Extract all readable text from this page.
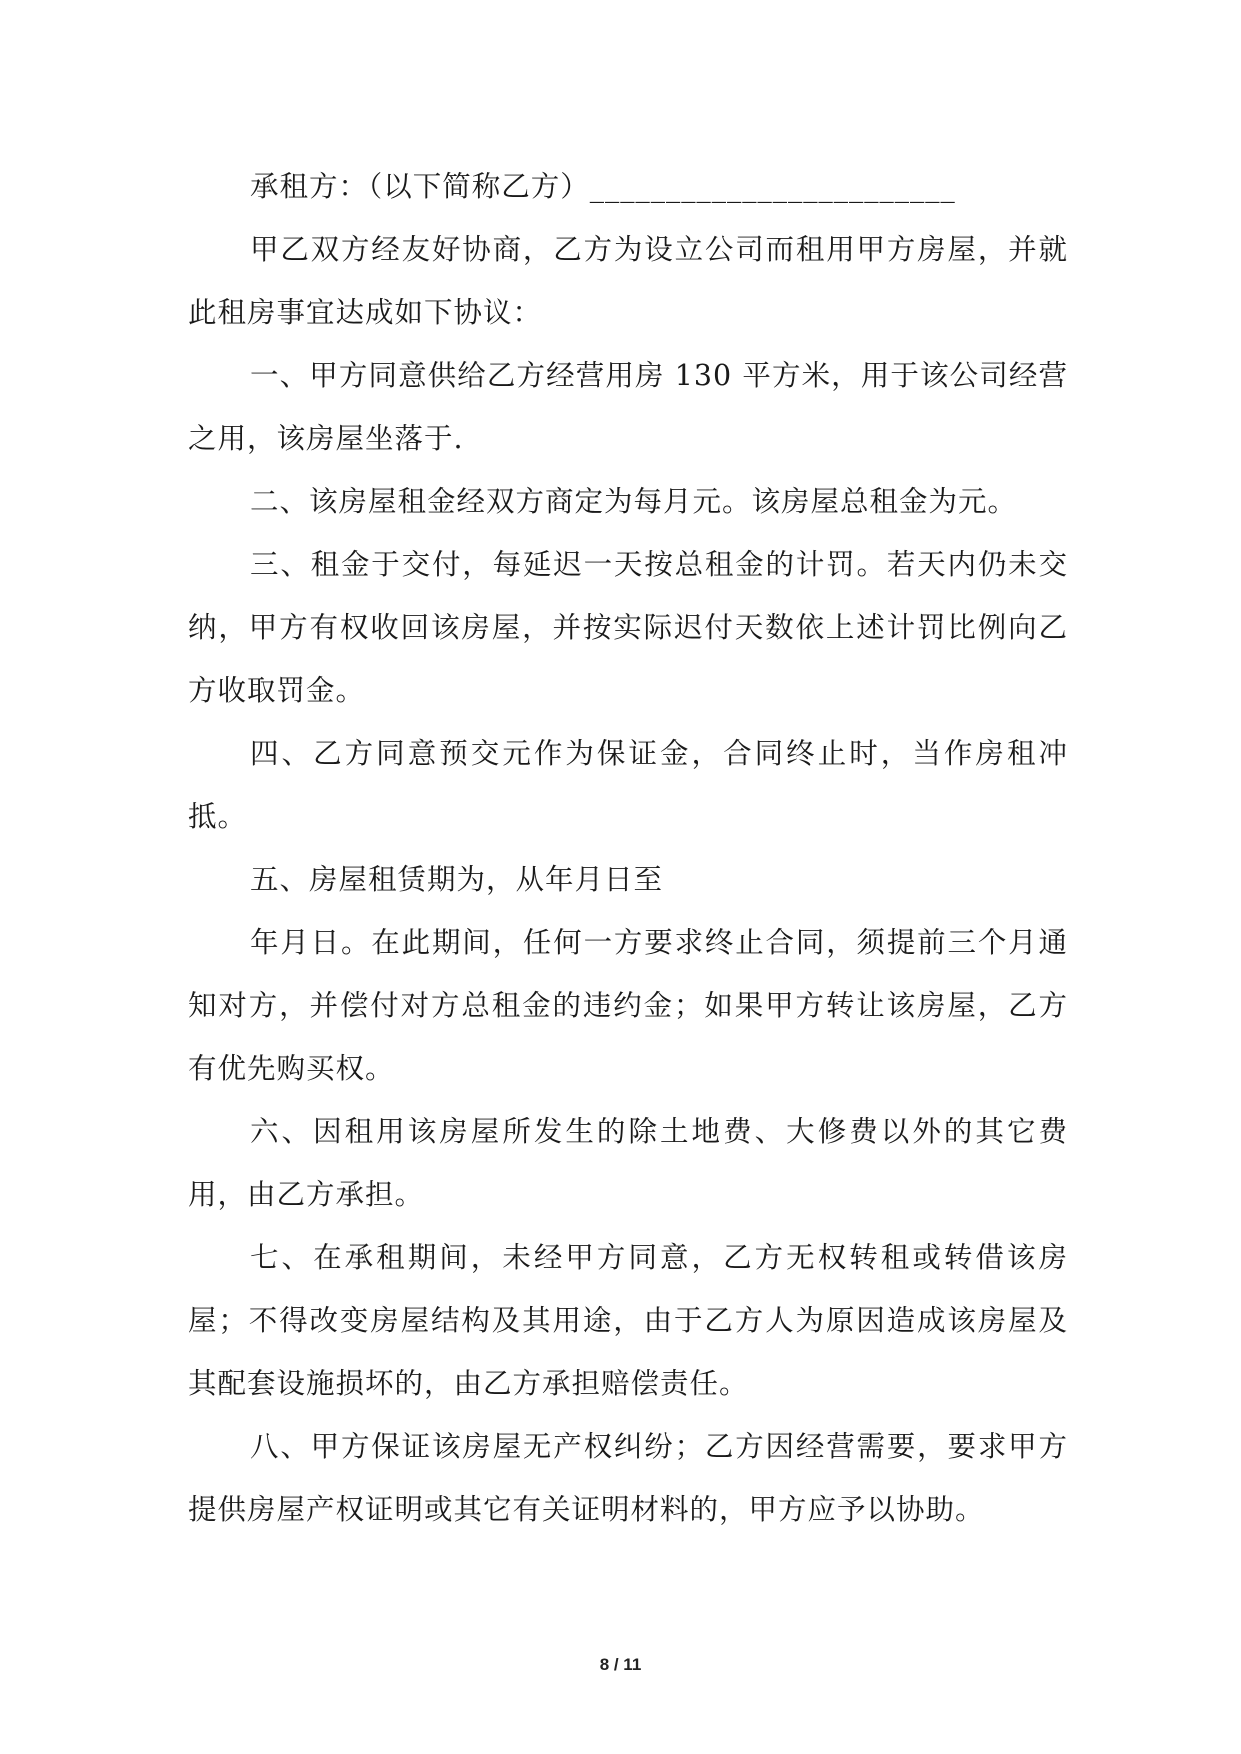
承租方：（以下简称乙方）________________________

甲乙双方经友好协商，乙方为设立公司而租用甲方房屋，并就此租房事宜达成如下协议：

一、甲方同意供给乙方经营用房 130 平方米，用于该公司经营之用，该房屋坐落于.

二、该房屋租金经双方商定为每月元。该房屋总租金为元。

三、租金于交付，每延迟一天按总租金的计罚。若天内仍未交纳，甲方有权收回该房屋，并按实际迟付天数依上述计罚比例向乙方收取罚金。

四、乙方同意预交元作为保证金，合同终止时，当作房租冲抵。

五、房屋租赁期为，从年月日至

年月日。在此期间，任何一方要求终止合同，须提前三个月通知对方，并偿付对方总租金的违约金；如果甲方转让该房屋，乙方有优先购买权。

六、因租用该房屋所发生的除土地费、大修费以外的其它费用，由乙方承担。

七、在承租期间，未经甲方同意，乙方无权转租或转借该房屋；不得改变房屋结构及其用途，由于乙方人为原因造成该房屋及其配套设施损坏的，由乙方承担赔偿责任。

八、甲方保证该房屋无产权纠纷；乙方因经营需要，要求甲方提供房屋产权证明或其它有关证明材料的，甲方应予以协助。

8 / 11
